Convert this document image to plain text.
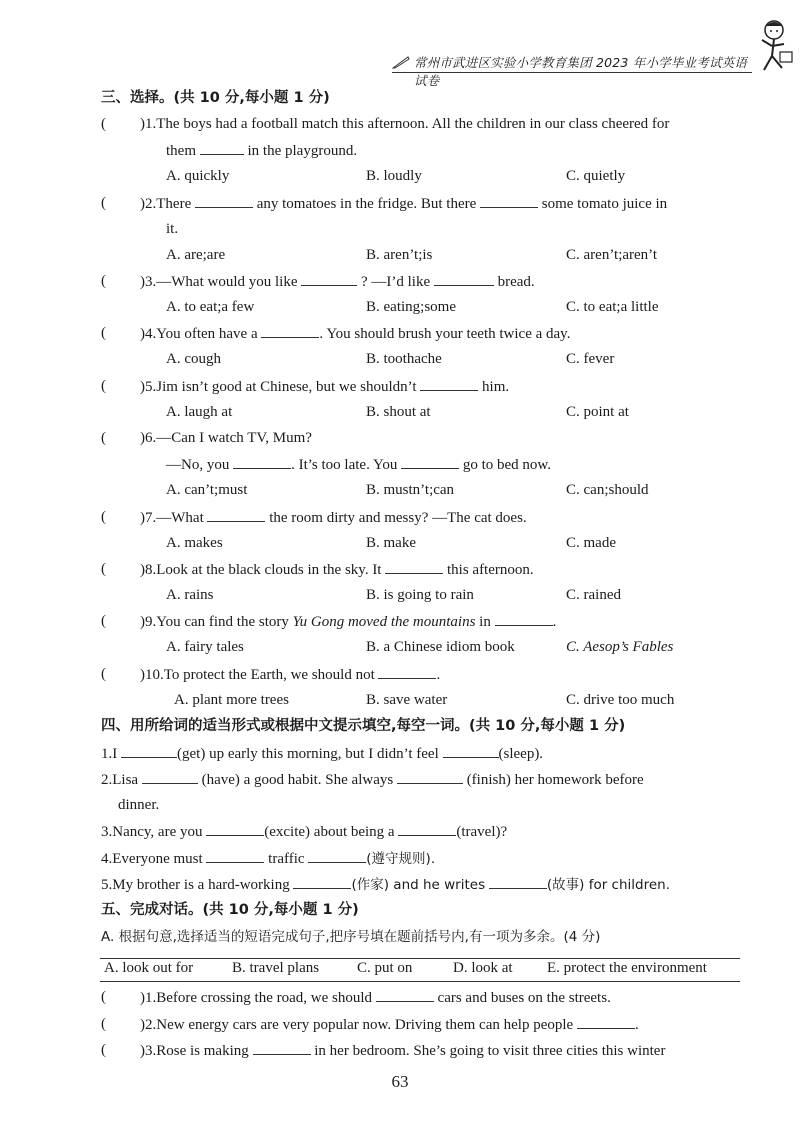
常州市武进区实验小学教育集团 2023 年小学毕业考试英语试卷
三、选择。(共 10 分,每小题 1 分)
( )1.The boys had a football match this afternoon. All the children in our class cheered for
them	in the playground.
A. quickly	B. loudly	C. quietly
( )2.There	any tomatoes in the fridge. But there	some tomato juice in
it.
A. are;are	B. aren’t;is	C. aren’t;aren’t
( )3.—What would you like	? —I’d like	bread.
A. to eat;a few	B. eating;some	C. to eat;a little
( )4.You often have a	. You should brush your teeth twice a day.
A. cough	B. toothache	C. fever
( )5.Jim isn’t good at Chinese, but we shouldn’t	him.
A. laugh at	B. shout at	C. point at
( )6.—Can I watch TV, Mum?
—No, you	. It’s too late. You	go to bed now.
A. can’t;must	B. mustn’t;can	C. can;should
( )7.—What	the room dirty and messy? —The cat does.
A. makes	B. make	C. made
( )8.Look at the black clouds in the sky. It	this afternoon.
A. rains	B. is going to rain	C. rained
( )9.You can find the story Yu Gong moved the mountains in	.
A. fairy tales	B. a Chinese idiom book	C. Aesop’s Fables
( )10.To protect the Earth, we should not	.
A. plant more trees	B. save water	C. drive too much
四、用所给词的适当形式或根据中文提示填空,每空一词。(共 10 分,每小题 1 分)
1.I	(get) up early this morning, but I didn’t feel	(sleep).
2.Lisa	(have) a good habit. She always	(finish) her homework before
dinner.
3.Nancy, are you	(excite) about being a	(travel)?
4.Everyone must	traffic	(遵守规则).
5.My brother is a hard-working	(作家) and he writes	(故事) for children.
五、完成对话。(共 10 分,每小题 1 分)
A. 根据句意,选择适当的短语完成句子,把序号填在题前括号内,有一项为多余。(4 分)
A. look out for	B. travel plans	C. put on	D. look at E. protect the environment
( )1.Before crossing the road, we should	cars and buses on the streets.
( )2.New energy cars are very popular now. Driving them can help people	.
( )3.Rose is making	in her bedroom. She’s going to visit three cities this winter
63
